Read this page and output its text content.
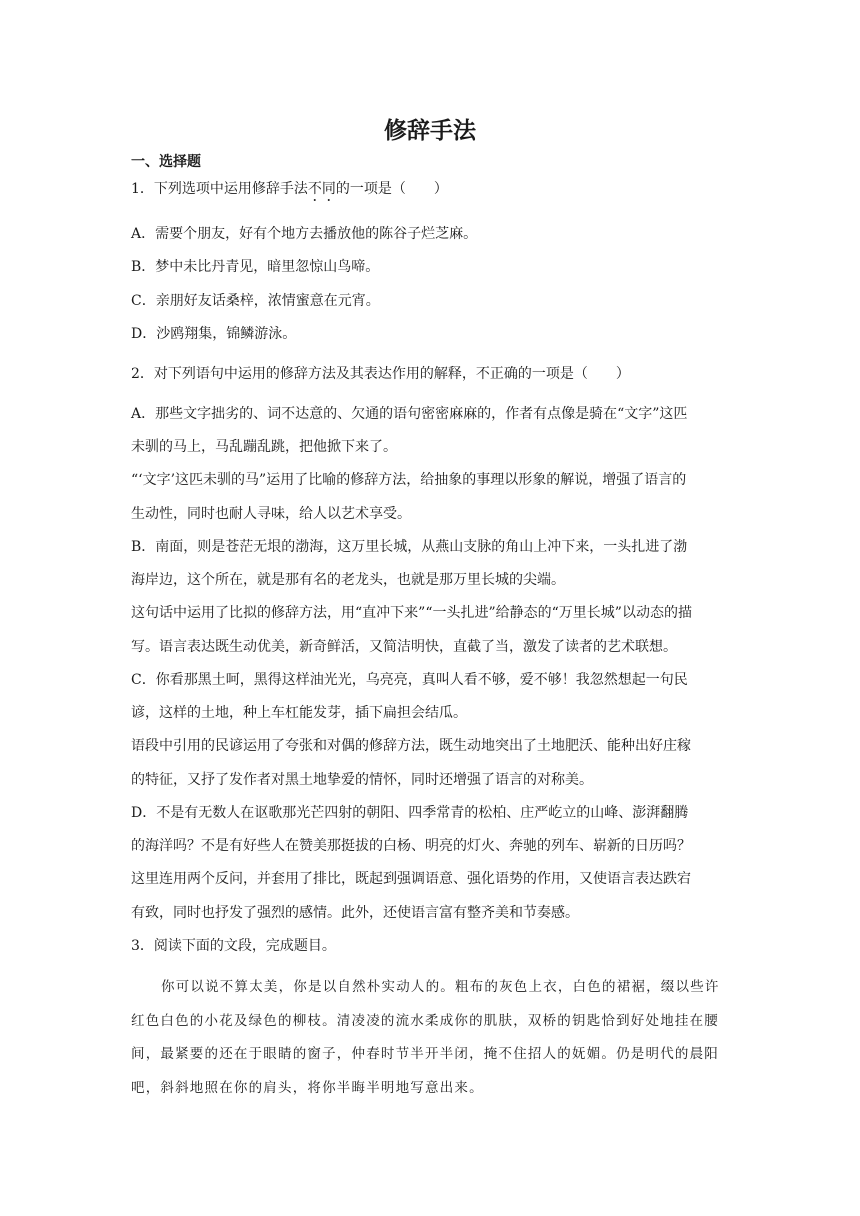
修辞手法
一、选择题
1．下列选项中运用修辞手法不同的一项是（　　）
A．需要个朋友，好有个地方去播放他的陈谷子烂芝麻。
B．梦中未比丹青见，暗里忽惊山鸟啼。
C．亲朋好友话桑梓，浓情蜜意在元宵。
D．沙鸥翔集，锦鳞游泳。
2．对下列语句中运用的修辞方法及其表达作用的解释，不正确的一项是（　　）
A．那些文字拙劣的、词不达意的、欠通的语句密密麻麻的，作者有点像是骑在“文字”这匹
未驯的马上，马乱蹦乱跳，把他掀下来了。
“‘文字’这匹未驯的马”运用了比喻的修辞方法，给抽象的事理以形象的解说，增强了语言的
生动性，同时也耐人寻味，给人以艺术享受。
B．南面，则是苍茫无垠的渤海，这万里长城，从燕山支脉的角山上冲下来，一头扎进了渤
海岸边，这个所在，就是那有名的老龙头，也就是那万里长城的尖端。
这句话中运用了比拟的修辞方法，用“直冲下来”“一头扎进”给静态的“万里长城”以动态的描
写。语言表达既生动优美，新奇鲜活，又简洁明快，直截了当，激发了读者的艺术联想。
C．你看那黑土呵，黑得这样油光光，乌亮亮，真叫人看不够，爱不够！我忽然想起一句民
谚，这样的土地，种上车杠能发芽，插下扁担会结瓜。
语段中引用的民谚运用了夸张和对偶的修辞方法，既生动地突出了土地肥沃、能种出好庄稼
的特征，又抒了发作者对黑土地挚爱的情怀，同时还增强了语言的对称美。
D．不是有无数人在讴歌那光芒四射的朝阳、四季常青的松柏、庄严屹立的山峰、澎湃翻腾
的海洋吗？不是有好些人在赞美那挺拔的白杨、明亮的灯火、奔驰的列车、崭新的日历吗？
这里连用两个反问，并套用了排比，既起到强调语意、强化语势的作用，又使语言表达跌宕
有致，同时也抒发了强烈的感情。此外，还使语言富有整齐美和节奏感。
3．阅读下面的文段，完成题目。
你可以说不算太美，你是以自然朴实动人的。粗布的灰色上衣，白色的裙裾，缀以些许
红色白色的小花及绿色的柳枝。清凌凌的流水柔成你的肌肤，双桥的钥匙恰到好处地挂在腰
间，最紧要的还在于眼睛的窗子，仲春时节半开半闭，掩不住招人的妩媚。仍是明代的晨阳
吧，斜斜地照在你的肩头，将你半晦半明地写意出来。
